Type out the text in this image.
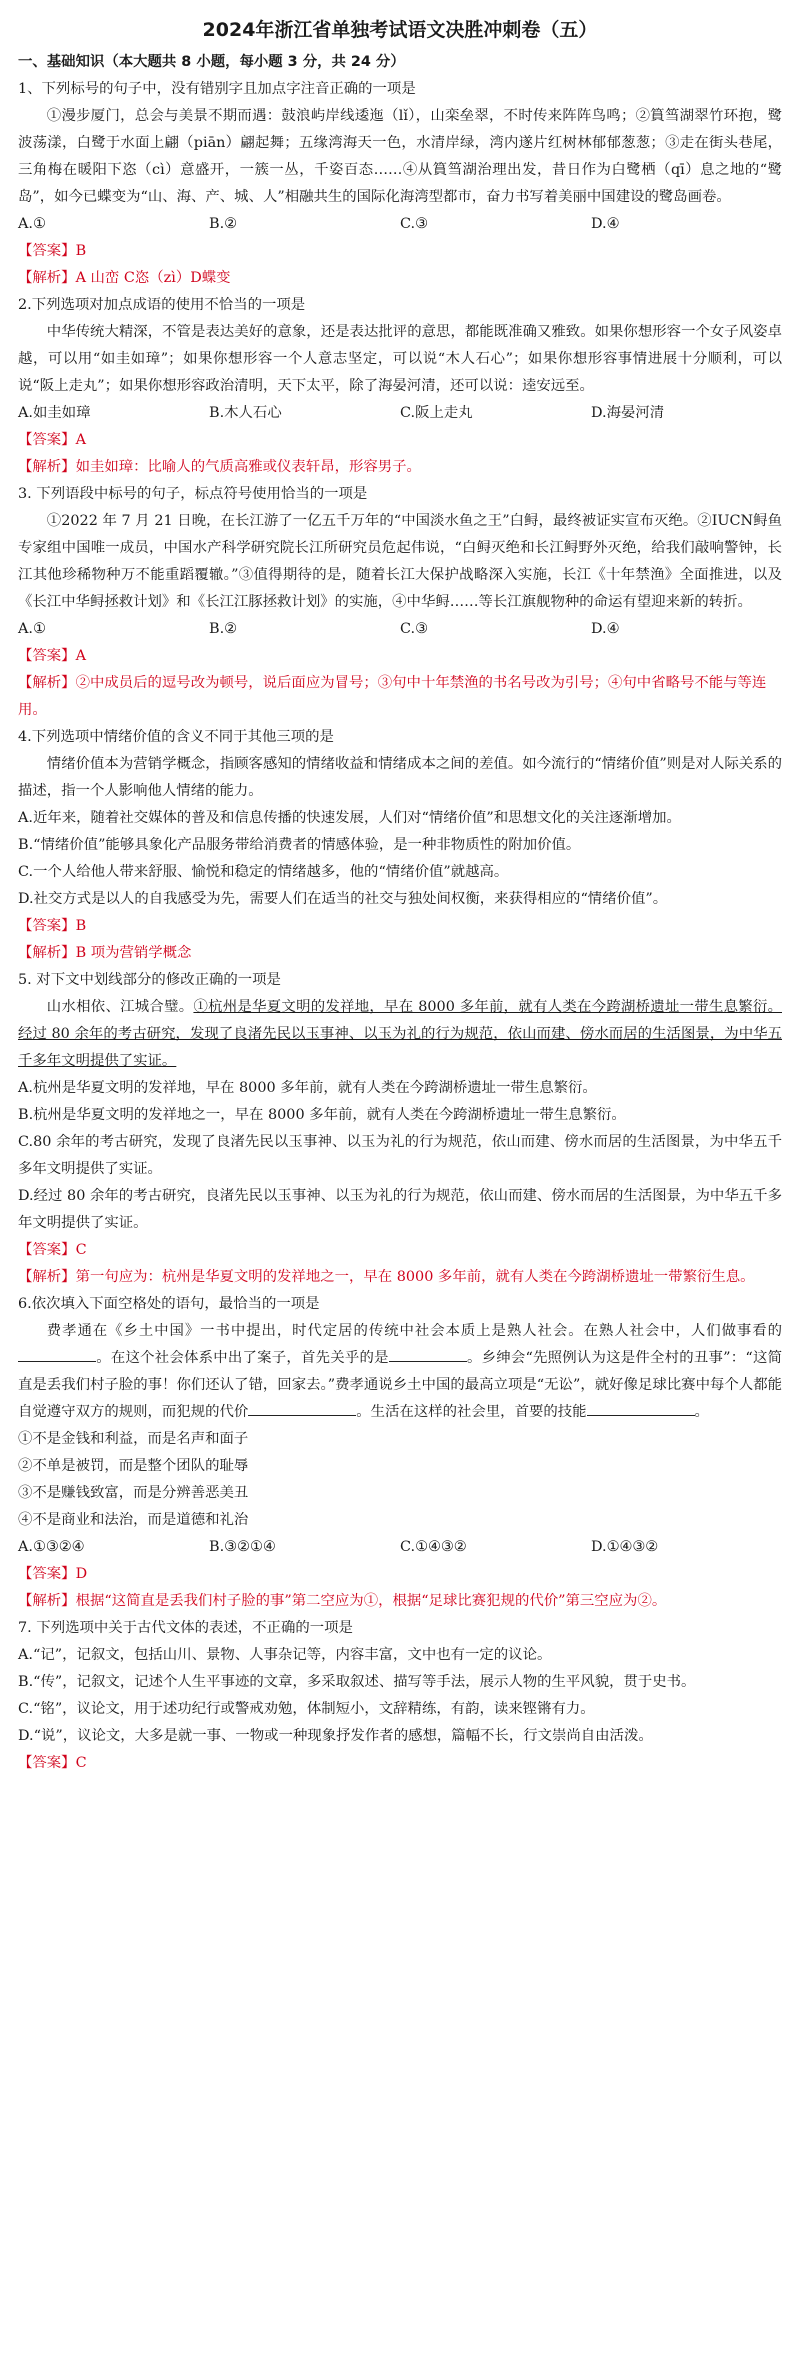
2024年浙江省单独考试语文决胜冲刺卷（五）

一、基础知识（本大题共 8 小题，每小题 3 分，共 24 分）

1、下列标号的句子中，没有错别字且加点字注音正确的一项是

①漫步厦门，总会与美景不期而遇：鼓浪屿岸线逶迤（lǐ），山栾垒翠，不时传来阵阵鸟鸣；②篔筜湖翠竹环抱，鹭波荡漾，白鹭于水面上翩（piān）翩起舞；五缘湾海天一色，水清岸绿，湾内遂片红树林郁郁葱葱；③走在街头巷尾，三角梅在暖阳下恣（cì）意盛开，一簇一丛，千姿百态……④从篔筜湖治理出发，昔日作为白鹭栖（qī）息之地的“鹭岛”，如今已蝶变为“山、海、产、城、人”相融共生的国际化海湾型都市，奋力书写着美丽中国建设的鹭岛画卷。

A.①	B.②	C.③	D.④

【答案】B

【解析】A 山峦 C恣（zì）D蝶变

2.下列选项对加点成语的使用不恰当的一项是

中华传统大精深，不管是表达美好的意象，还是表达批评的意思，都能既准确又雅致。如果你想形容一个女子风姿卓越，可以用“如圭如璋”；如果你想形容一个人意志坚定，可以说“木人石心”；如果你想形容事情进展十分顺利，可以说“阪上走丸”；如果你想形容政治清明，天下太平，除了海晏河清，还可以说：逵安远至。

A.如圭如璋	B.木人石心	C.阪上走丸	D.海晏河清

【答案】A

【解析】如圭如璋：比喻人的气质高雅或仪表轩昂，形容男子。

3. 下列语段中标号的句子，标点符号使用恰当的一项是

①2022 年 7 月 21 日晚，在长江游了一亿五千万年的“中国淡水鱼之王”白鲟，最终被证实宣布灭绝。②IUCN鲟鱼专家组中国唯一成员，中国水产科学研究院长江所研究员危起伟说，“白鲟灭绝和长江鲟野外灭绝，给我们敲响警钟，长江其他珍稀物种万不能重蹈覆辙。”③值得期待的是，随着长江大保护战略深入实施，长江《十年禁渔》全面推进，以及《长江中华鲟拯救计划》和《长江江豚拯救计划》的实施，④中华鲟……等长江旗舰物种的命运有望迎来新的转折。

A.①	B.②	C.③	D.④

【答案】A

【解析】②中成员后的逗号改为顿号，说后面应为冒号；③句中十年禁渔的书名号改为引号；④句中省略号不能与等连用。

4.下列选项中情绪价值的含义不同于其他三项的是

情绪价值本为营销学概念，指顾客感知的情绪收益和情绪成本之间的差值。如今流行的“情绪价值”则是对人际关系的描述，指一个人影响他人情绪的能力。

A.近年来，随着社交媒体的普及和信息传播的快速发展，人们对“情绪价值”和思想文化的关注逐渐增加。

B.“情绪价值”能够具象化产品服务带给消费者的情感体验，是一种非物质性的附加价值。

C.一个人给他人带来舒服、愉悦和稳定的情绪越多，他的“情绪价值”就越高。

D.社交方式是以人的自我感受为先，需要人们在适当的社交与独处间权衡，来获得相应的“情绪价值”。

【答案】B

【解析】B 项为营销学概念

5. 对下文中划线部分的修改正确的一项是

山水相依、江城合璧。①杭州是华夏文明的发祥地，早在 8000 多年前，就有人类在今跨湖桥遗址一带生息繁衍。经过 80 余年的考古研究，发现了良渚先民以玉事神、以玉为礼的行为规范，依山而建、傍水而居的生活图景，为中华五千多年文明提供了实证。

A.杭州是华夏文明的发祥地，早在 8000 多年前，就有人类在今跨湖桥遗址一带生息繁衍。

B.杭州是华夏文明的发祥地之一，早在 8000 多年前，就有人类在今跨湖桥遗址一带生息繁衍。

C.80 余年的考古研究，发现了良渚先民以玉事神、以玉为礼的行为规范，依山而建、傍水而居的生活图景，为中华五千多年文明提供了实证。

D.经过 80 余年的考古研究，良渚先民以玉事神、以玉为礼的行为规范，依山而建、傍水而居的生活图景，为中华五千多年文明提供了实证。

【答案】C

【解析】第一句应为：杭州是华夏文明的发祥地之一，早在 8000 多年前，就有人类在今跨湖桥遗址一带繁衍生息。

6.依次填入下面空格处的语句，最恰当的一项是

费孝通在《乡土中国》一书中提出，时代定居的传统中社会本质上是熟人社会。在熟人社会中，人们做事看的。在这个社会体系中出了案子，首先关乎的是	。乡绅会“先照例认为这是件全村的丑事”：“这简直是丢我们村子脸的事！你们还认了错，回家去。”费孝通说乡土中国的最高立项是“无讼”，就好像足球比赛中每个人都能自觉遵守双方的规则，而犯规的代价	。生活在这样的社会里，首要的技能	。

①不是金钱和利益，而是名声和面子

②不单是被罚，而是整个团队的耻辱

③不是赚钱致富，而是分辨善恶美丑

④不是商业和法治，而是道德和礼治

A.①③②④	B.③②①④	C.①④③②	D.①④③②

【答案】D

【解析】根据“这简直是丢我们村子脸的事”第二空应为①，根据“足球比赛犯规的代价”第三空应为②。

7. 下列选项中关于古代文体的表述，不正确的一项是

A.“记”，记叙文，包括山川、景物、人事杂记等，内容丰富，文中也有一定的议论。

B.“传”，记叙文，记述个人生平事迹的文章，多采取叙述、描写等手法，展示人物的生平风貌，贯于史书。

C.“铭”，议论文，用于述功纪行或警戒劝勉，体制短小，文辞精练，有韵，读来铿锵有力。

D.“说”，议论文，大多是就一事、一物或一种现象抒发作者的感想，篇幅不长，行文崇尚自由活泼。

【答案】C
